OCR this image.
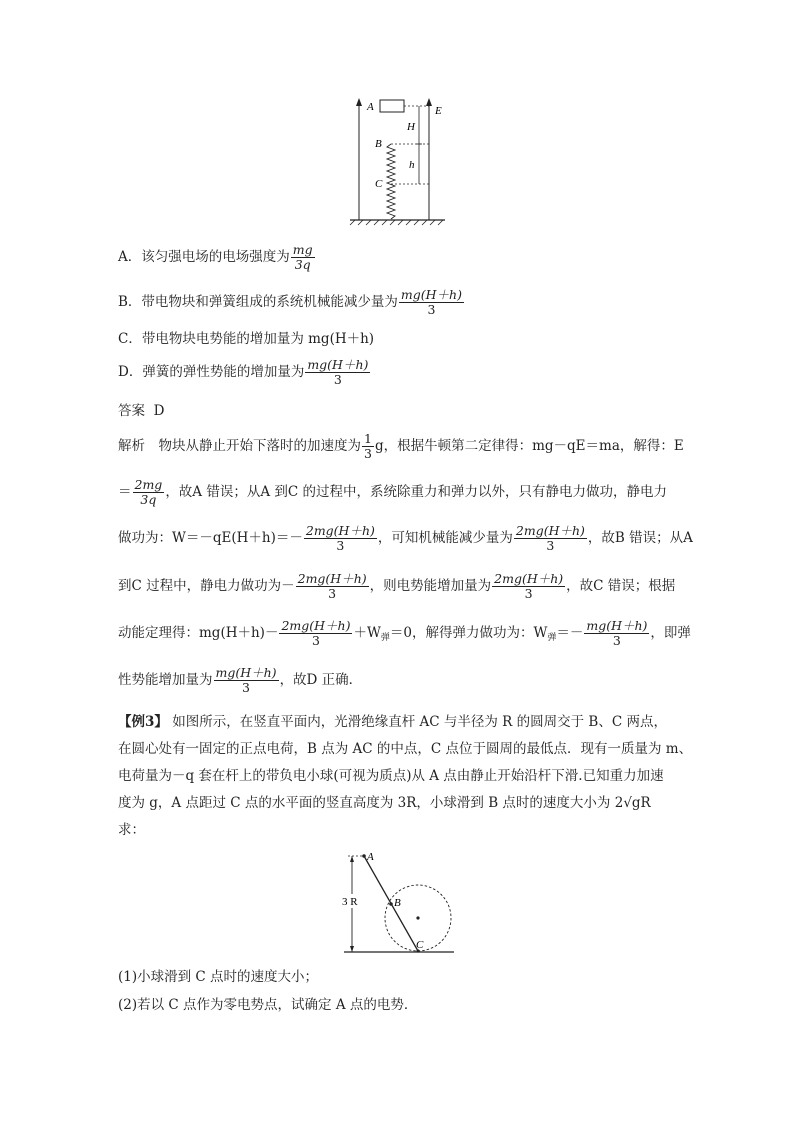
A
B
C
E
H
h
A．该匀强电场的电场强度为 $\frac{mg}{3q}$
B．带电物块和弹簧组成的系统机械能减少量为 $\frac{mg(H+h)}{3}$
C．带电物块电势能的增加量为 mg(H＋h)
D．弹簧的弹性势能的增加量为 $\frac{mg(H+h)}{3}$
答案 D
解析　物块从静止开始下落时的加速度为 $\frac{1}{3}$ g，根据牛顿第二定律得：mg－qE＝ma，解得：E
＝ $\frac{2mg}{3q}$ ，故A 错误；从A 到C 的过程中，系统除重力和弹力以外，只有静电力做功，静电力
做功为：$W=-qE(H+h)=- \frac{2mg(H+h)}{3}$ ，可知机械能减少量为 $\frac{2mg(H+h)}{3}$ ，故B 错误；从A
到C 过程中，静电力做功为－ $\frac{2mg(H+h)}{3}$ ，则电势能增加量为 $\frac{2mg(H+h)}{3}$ ，故C 错误；根据
动能定理得：$mg(H+h)- \frac{2mg(H+h)}{3} +W_弹=0$，解得弹力做功为：$W_弹=- \frac{mg(H+h)}{3}$ ，即弹
性势能增加量为 $\frac{mg(H+h)}{3}$ ，故D 正确．
【例3】 如图所示，在竖直平面内，光滑绝缘直杆 AC 与半径为 R 的圆周交于 B、C 两点，
在圆心处有一固定的正点电荷，B 点为 AC 的中点，C 点位于圆周的最低点．现有一质量为 m、
电荷量为－q 套在杆上的带负电小球(可视为质点)从 A 点由静止开始沿杆下滑.已知重力加速
度为 g，A 点距过 C 点的水平面的竖直高度为 3R，小球滑到 B 点时的速度大小为 2√gR
求：
3 R
A
B
C
(1)小球滑到 C 点时的速度大小；
(2)若以 C 点作为零电势点，试确定 A 点的电势．
